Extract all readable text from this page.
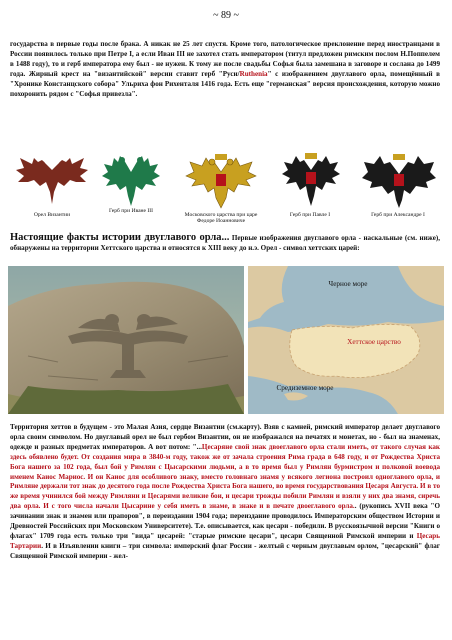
~ 89 ~

государства в первые годы после брака. А никак не 25 лет спустя. Кроме того, патологическое преклонение перед иностранцами в России появилось только при Петре I, а если Иван III не захотел стать императором (титул предложен римским послом Н.Поппелем в 1488 году), то и герб императора ему был - не нужен. К тому же после свадьбы Софья была замешана в заговоре и сослана до 1499 года. Жирный крест на "византийской" версии ставит герб "Руси/Ruthenia" с изображением двуглавого орла, помещённый в "Хронике Констанцского собора" Ульриха фон Рихенталя 1416 года. Есть еще "германская" версия происхождения, которую можно похоронить рядом с "Софья привезла".

Орел Византии
Герб при Иване III
Московского царства при царе Федоре Иоанновиче
Герб при Павле I	Герб при Александре I

Настоящие факты истории двуглавого орла... Первые изображения двуглавого орла - наскальные (см. ниже), обнаружены на территории Хеттского царства и относятся к XIII веку до н.э. Орел - символ хеттских царей:

Черное море
Хеттское царство
Средиземное море

Территория хеттов в будущем - это Малая Азия, сердце Византии (см.карту). Взяв с камней, римский император делает двуглавого орла своим символом. Но двуглавый орел не был гербом Византии, он не изображался на печатях и монетах, но - был на знаменах, одежде и разных предметах императоров. А вот потом: "...Цесаряне свой знак двоеглавого орла стали иметь, от такого случая как здесь обявлено будет. От создания мира в 3840-м году, також же от зачала строения Рима града в 648 году, и от Рождества Христа Бога нашего за 102 года, был бой у Римлян с Цысарскими людьми, а в то время был у Римлян бурмистром и полковой воевода именем Каиос Мариос. И он Каиос для особливого знаку, вместо головнаго знамя у всякого легиона построил одноглавого орла, и Римляне держали тот знак до десятого года после Рождества Христа Бога нашего, во время государствования Цесаря Августа. И в то же время учинился бой между Римляни и Цесарями великие бои, и цесари трожды побили Римлян и взяли у них два знамя, сиречь два орла. И с того числа начали Цысарине у себя иметь в знаме, в знаке и в печате двоеглавого орла.. (рукопись XVII века "О зачинании знак и знамен или прапоров", в переиздании 1904 года; переиздание проводилось Императорским обществом Истории и Древностей Российских при Московском Университете). Т.е. описывается, как цесари - победили. В русскоязычной версии "Книги о флагах" 1709 года есть только три "вида" цесарей: "старые римские цесари", цесари Священной Римской империи и Цесарь Тартарии. И в Изъявлении книги – три символа: имперский флаг России - желтый с черным двуглавым орлом, "цесарский" флаг Священной Римской империи - жел-
